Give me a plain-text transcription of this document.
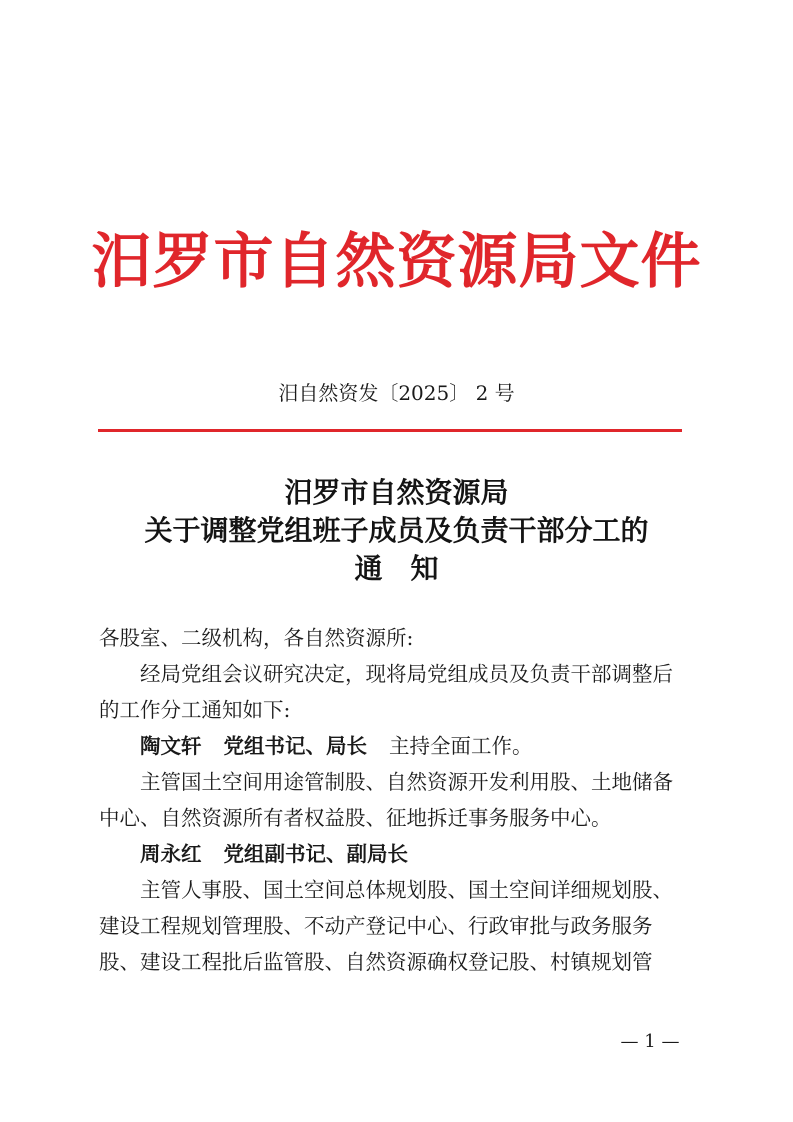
汨罗市自然资源局文件
汨自然资发〔2025〕 2 号
汨罗市自然资源局
关于调整党组班子成员及负责干部分工的
通知

各股室、二级机构，各自然资源所:

经局党组会议研究决定，现将局党组成员及负责干部调整后的工作分工通知如下:

陶文轩 党组书记、局长 主持全面工作。

主管国土空间用途管制股、自然资源开发利用股、土地储备中心、自然资源所有者权益股、征地拆迁事务服务中心。

周永红 党组副书记、副局长

主管人事股、国土空间总体规划股、国土空间详细规划股、建设工程规划管理股、不动产登记中心、行政审批与政务服务股、建设工程批后监管股、自然资源确权登记股、村镇规划管

— 1 —
